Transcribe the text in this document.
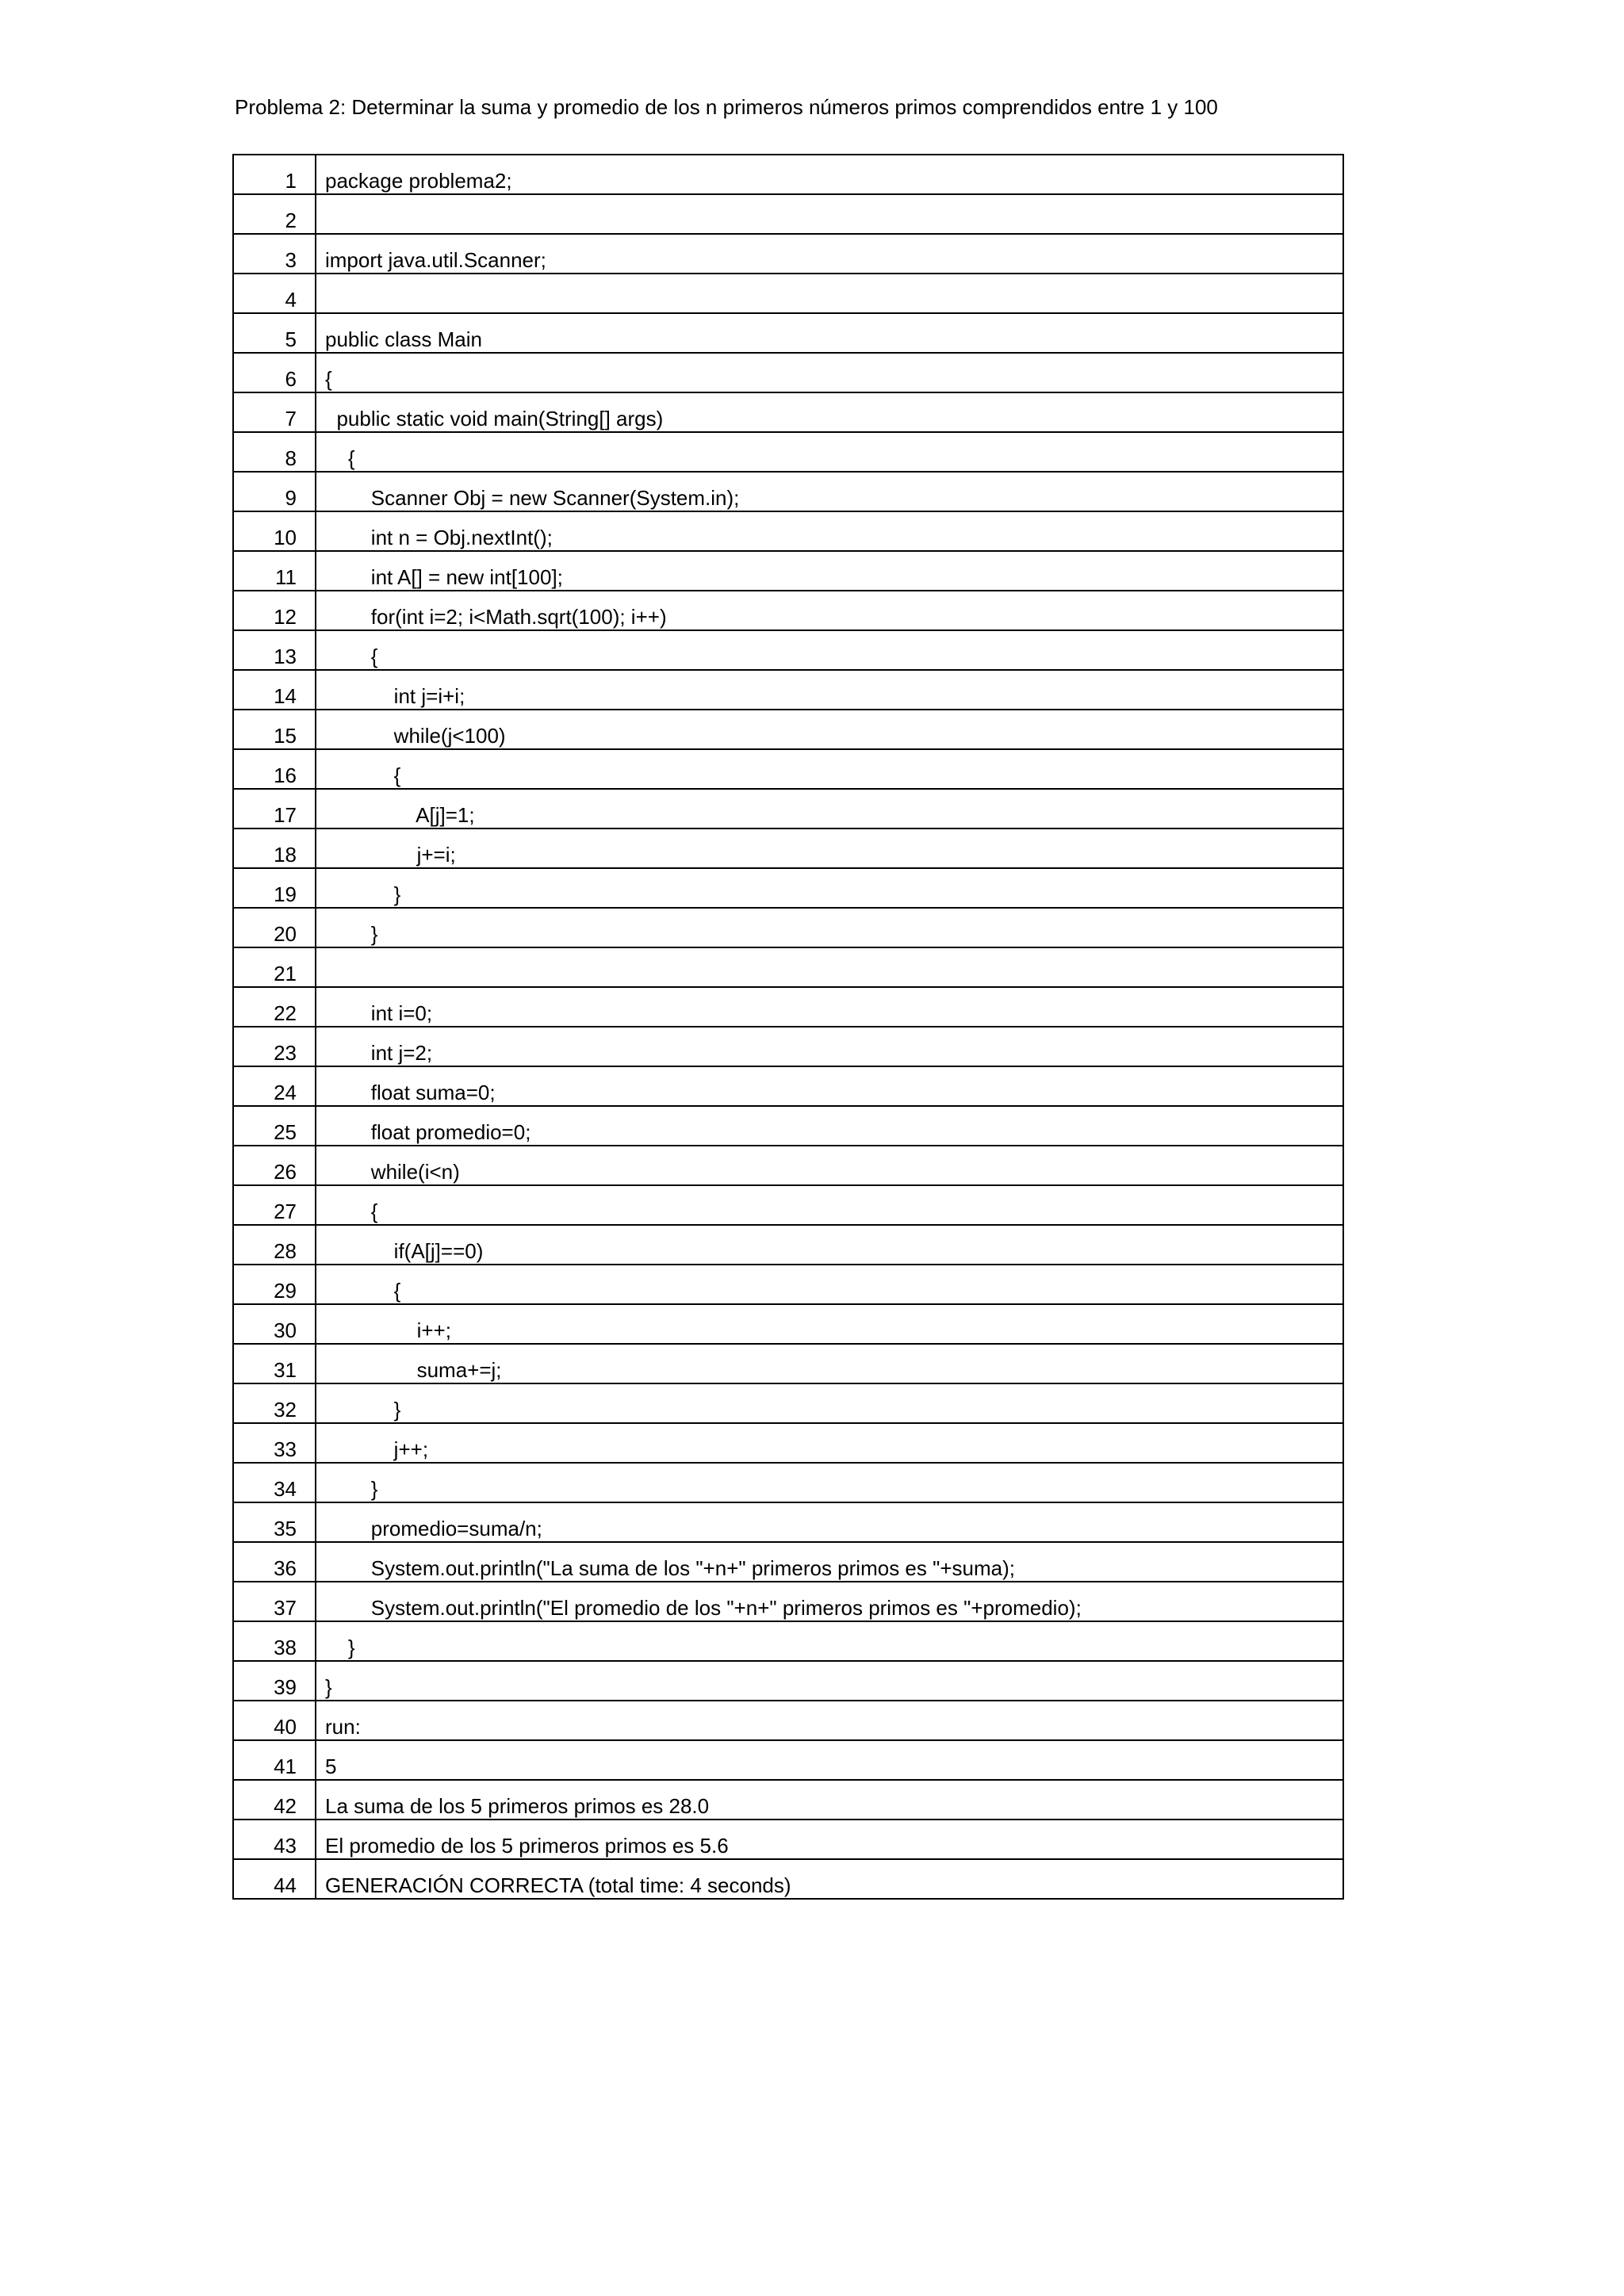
Problema 2: Determinar la suma y promedio de los n primeros números primos comprendidos entre 1 y 100
1	package problema2;
2	
3	import java.util.Scanner;
4	
5	public class Main
6	{
7	public static void main(String[] args)
8	{
9	Scanner Obj = new Scanner(System.in);
10	int n = Obj.nextInt();
11	int A[] = new int[100];
12	for(int i=2; i<Math.sqrt(100); i++)
13	{
14	int j=i+i;
15	while(j<100)
16	{
17	A[j]=1;
18	j+=i;
19	}
20	}
21	
22	int i=0;
23	int j=2;
24	float suma=0;
25	float promedio=0;
26	while(i<n)
27	{
28	if(A[j]==0)
29	{
30	i++;
31	suma+=j;
32	}
33	j++;
34	}
35	promedio=suma/n;
36	System.out.println("La suma de los "+n+" primeros primos es "+suma);
37	System.out.println("El promedio de los "+n+" primeros primos es "+promedio);
38	}
39	}
40	run:
41	5
42	La suma de los 5 primeros primos es 28.0
43	El promedio de los 5 primeros primos es 5.6
44	GENERACIÓN CORRECTA (total time: 4 seconds)
